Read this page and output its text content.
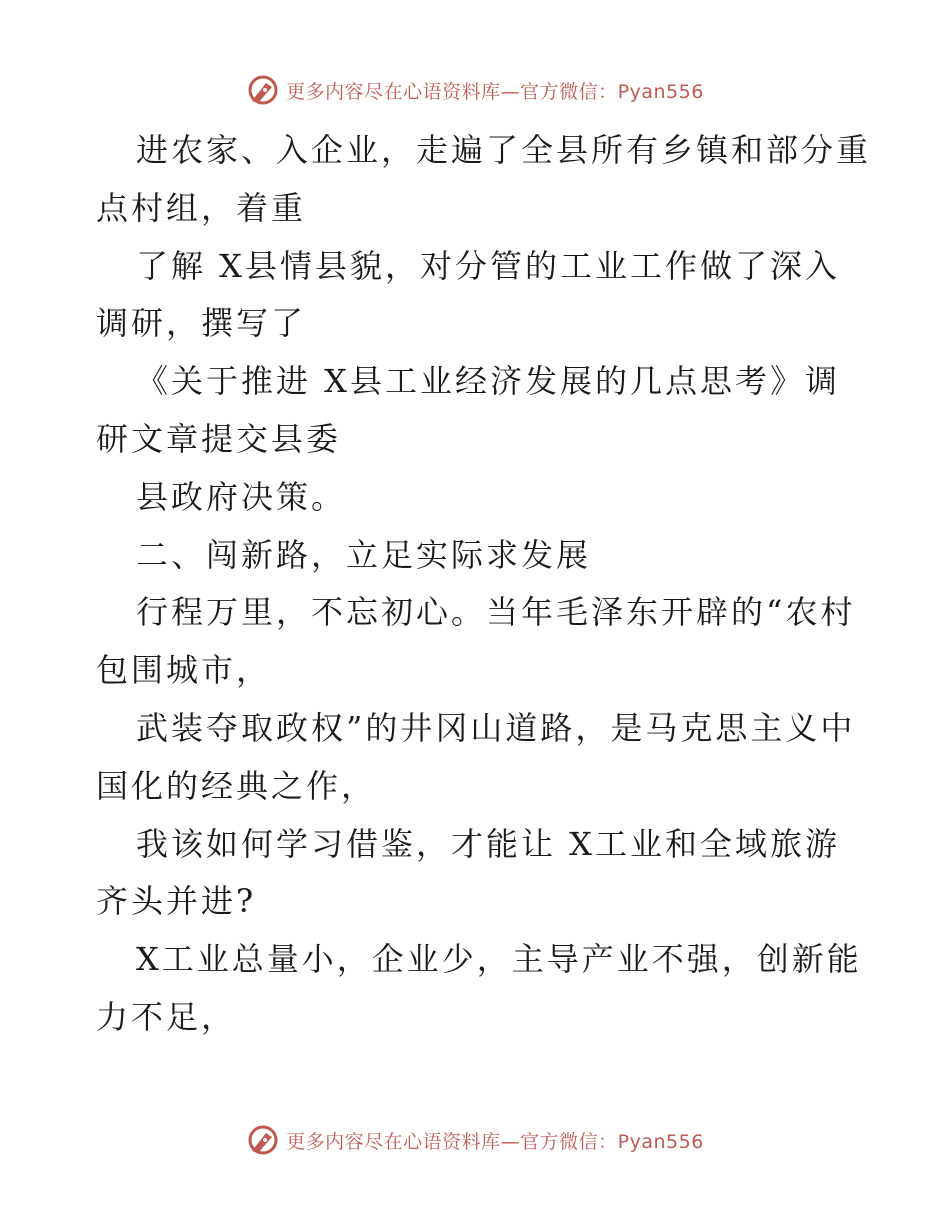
更多内容尽在心语资料库—官方微信：Pyan556
进农家、入企业，走遍了全县所有乡镇和部分重
点村组，着重
了解 X县情县貌，对分管的工业工作做了深入
调研，撰写了
《关于推进 X县工业经济发展的几点思考》调
研文章提交县委
县政府决策。
二、闯新路，立足实际求发展
行程万里，不忘初心。当年毛泽东开辟的“农村
包围城市，
武装夺取政权”的井冈山道路，是马克思主义中
国化的经典之作，
我该如何学习借鉴，才能让 X工业和全域旅游
齐头并进?
X工业总量小，企业少，主导产业不强，创新能
力不足，
更多内容尽在心语资料库—官方微信：Pyan556
